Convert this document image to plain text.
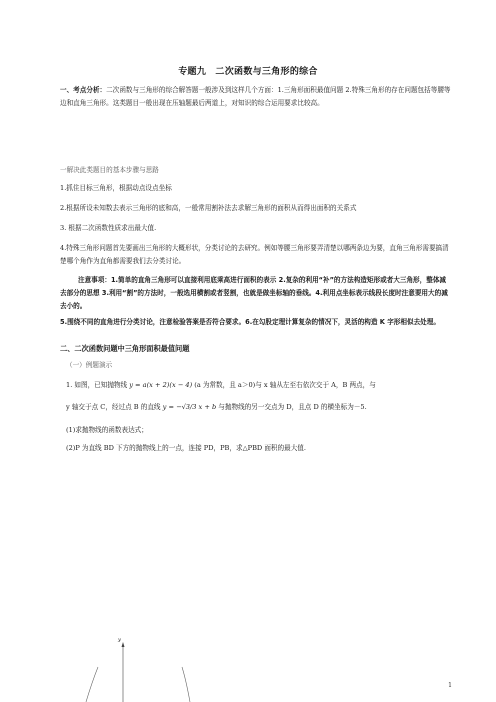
专题九　二次函数与三角形的综合
一、考点分析：二次函数与三角形的综合解答题一般涉及到这样几个方面：1.三角形面积最值问题 2.特殊三角形的存在问题包括等腰等边和直角三角形。这类题目一般出现在压轴题最后两道上，对知识的综合运用要求比较高。
一解决此类题目的基本步骤与思路
1.抓住目标三角形，根据动点设点坐标
2.根据所设未知数去表示三角形的底和高，一般常用割补法去求解三角形的面积从而得出面积的关系式
3. 根据二次函数性质求出最大值.
4.特殊三角形问题首先要画出三角形的大概形状，分类讨论的去研究。例如等腰三角形要弄清楚以哪两条边为要，直角三角形需要搞清楚哪个角作为直角都需要我们去分类讨论。
注意事项：1.简单的直角三角形可以直接利用底乘高进行面积的表示 2.复杂的利用“补”的方法构造矩形或者大三角形，整体减去部分的思想 3.利用“割”的方法时，一般选用横割或者竖割，也就是做坐标轴的垂线。4.利用点坐标表示线段长度时注意要用大的减去小的。
5.围绕不同的直角进行分类讨论，注意检验答案是否符合要求。6.在勾股定理计算复杂的情况下，灵活的构造 K 字形相似去处理。
二、二次函数问题中三角形面积最值问题
（一）例题演示
1. 如图，已知抛物线 y = a(x + 2)(x − 4) (a 为常数，且 a＞0)与 x 轴从左至右依次交于 A，B 两点，与
y 轴交于点 C，经过点 B 的直线 y = −√3/3 x + b 与抛物线的另一交点为 D，且点 D 的横坐标为－5.
(1)求抛物线的函数表达式；
(2)P 为直线 BD 下方的抛物线上的一点，连接 PD，PB，求△PBD 面积的最大值.
y
1
